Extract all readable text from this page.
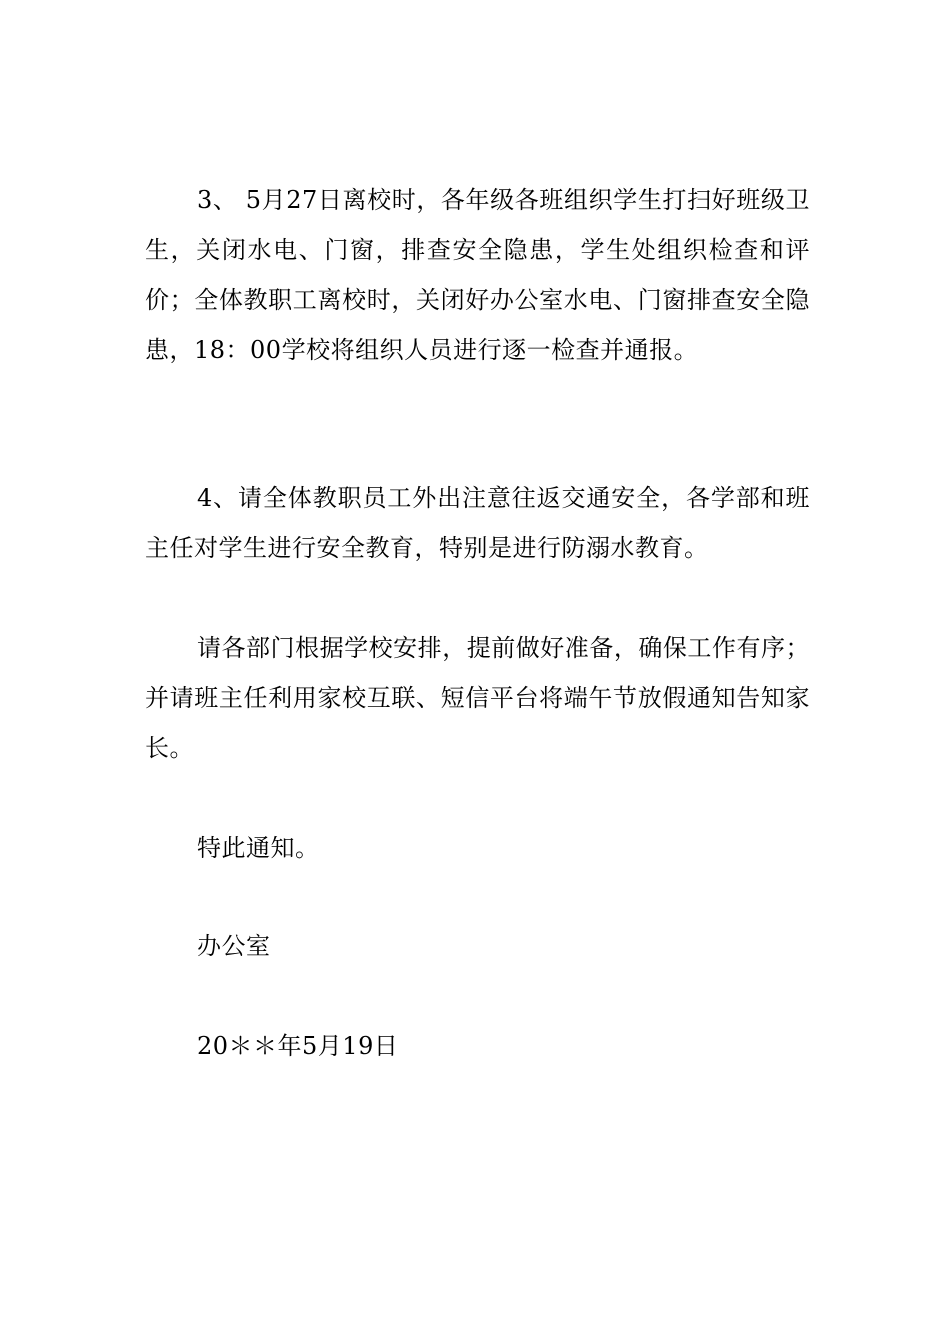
3、 5月27日离校时，各年级各班组织学生打扫好班级卫生，关闭水电、门窗，排查安全隐患，学生处组织检查和评价；全体教职工离校时，关闭好办公室水电、门窗排查安全隐患，18：00学校将组织人员进行逐一检查并通报。

4、请全体教职员工外出注意往返交通安全，各学部和班主任对学生进行安全教育，特别是进行防溺水教育。

请各部门根据学校安排，提前做好准备，确保工作有序；并请班主任利用家校互联、短信平台将端午节放假通知告知家长。

特此通知。

办公室

20＊＊年5月19日
